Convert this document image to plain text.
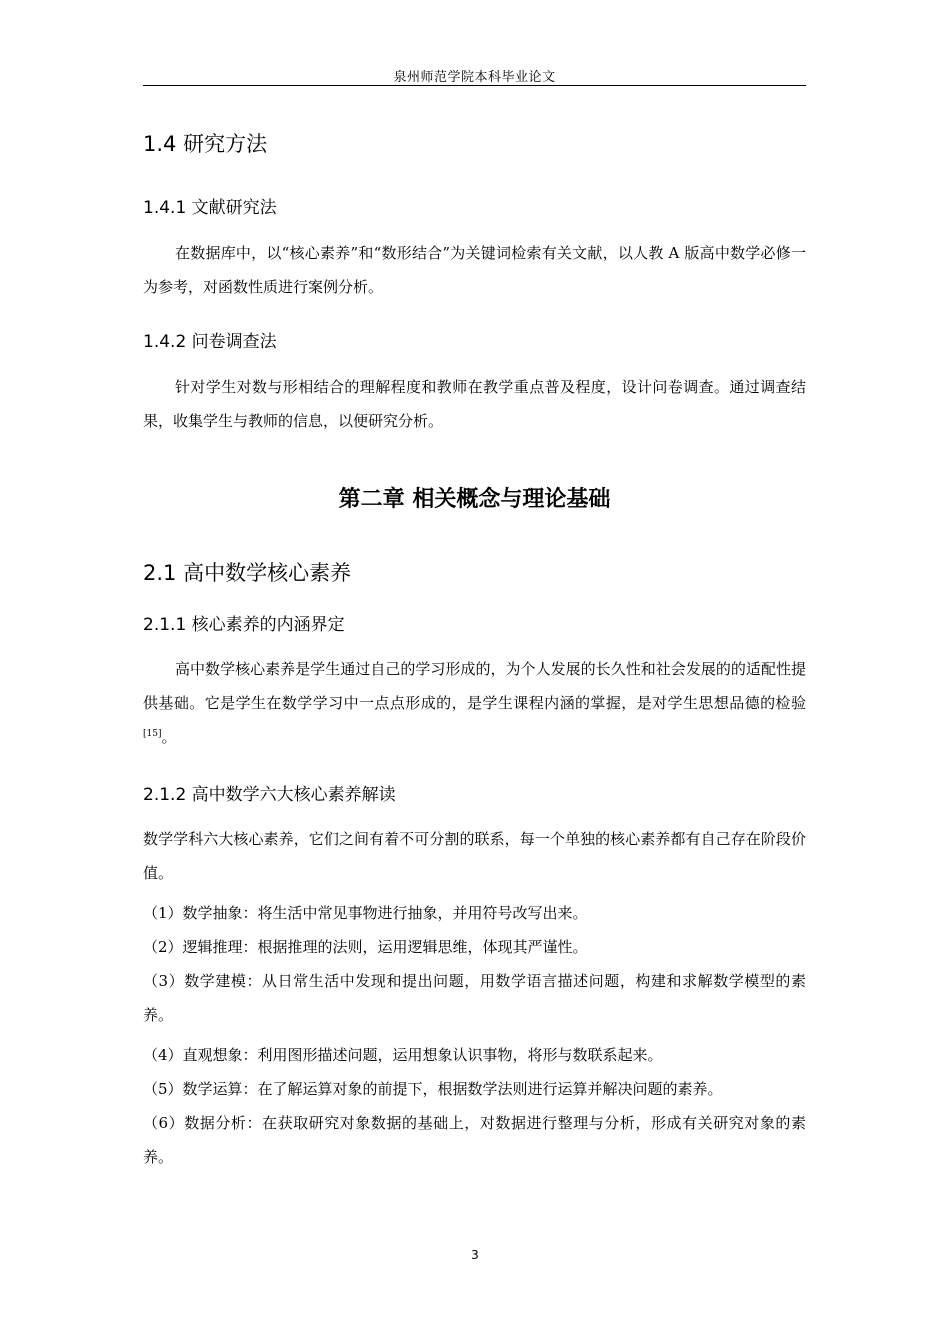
泉州师范学院本科毕业论文
1.4 研究方法
1.4.1 文献研究法
在数据库中，以“核心素养”和“数形结合”为关键词检索有关文献，以人教 A 版高中数学必修一为参考，对函数性质进行案例分析。
1.4.2 问卷调查法
针对学生对数与形相结合的理解程度和教师在教学重点普及程度，设计问卷调查。通过调查结果，收集学生与教师的信息，以便研究分析。
第二章 相关概念与理论基础
2.1 高中数学核心素养
2.1.1 核心素养的内涵界定
高中数学核心素养是学生通过自己的学习形成的，为个人发展的长久性和社会发展的的适配性提供基础。它是学生在数学学习中一点点形成的，是学生课程内涵的掌握，是对学生思想品德的检验[15]。
2.1.2 高中数学六大核心素养解读
数学学科六大核心素养，它们之间有着不可分割的联系，每一个单独的核心素养都有自己存在阶段价值。
（1）数学抽象：将生活中常见事物进行抽象，并用符号改写出来。
（2）逻辑推理：根据推理的法则，运用逻辑思维，体现其严谨性。
（3）数学建模：从日常生活中发现和提出问题，用数学语言描述问题，构建和求解数学模型的素养。
（4）直观想象：利用图形描述问题，运用想象认识事物，将形与数联系起来。
（5）数学运算：在了解运算对象的前提下，根据数学法则进行运算并解决问题的素养。
（6）数据分析：在获取研究对象数据的基础上，对数据进行整理与分析，形成有关研究对象的素养。
3
